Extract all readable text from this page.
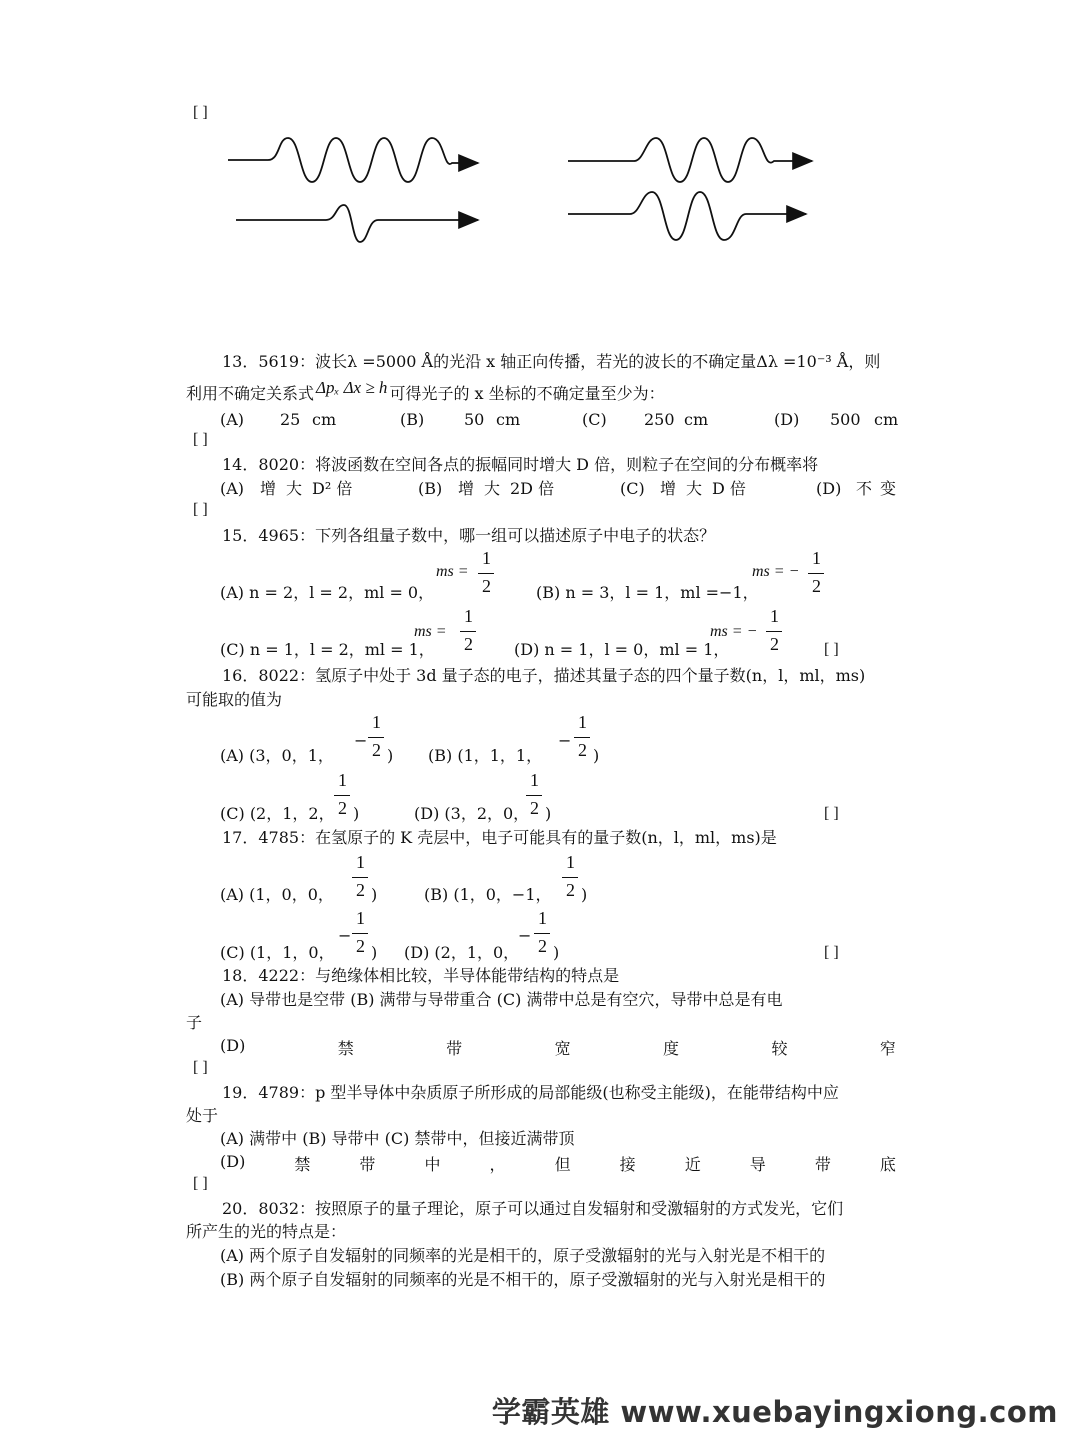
[ ]
13．5619：波长λ =5000 Å的光沿 x 轴正向传播，若光的波长的不确定量Δλ =10⁻³ Å，则
利用不确定关系式 Δpₓ Δx ≥ h 可得光子的 x 坐标的不确定量至少为：
(A) 25 cm	(B) 50 cm	(C) 250 cm	(D) 500 cm
[ ]
14．8020：将波函数在空间各点的振幅同时增大 D 倍，则粒子在空间的分布概率将
(A) 增 大 D² 倍	(B) 增 大 2D 倍	(C) 增 大 D 倍	(D) 不 变
[ ]
15．4965：下列各组量子数中，哪一组可以描述原子中电子的状态？
(A) n = 2，l = 2，ml = 0，
ms =
1
2	(B) n = 3，l = 1，ml =−1，
ms = −
1
2
(C) n = 1，l = 2，ml = 1，
ms =
1
2	(D) n = 1，l = 0，ml = 1，
ms = −
1
2	[ ]
16．8022：氢原子中处于 3d 量子态的电子，描述其量子态的四个量子数(n，l，ml，ms)
可能取的值为
(A) (3，0，1，
−
1
2 ) (B) (1，1，1，
−
1
2 )
(C) (2，1，2，
1
2 )	(D) (3，2，0，
1
2 )	[ ]
17．4785：在氢原子的 K 壳层中，电子可能具有的量子数(n，l，ml，ms)是
(A) (1，0，0，
1
2 )	(B) (1，0，−1，
1
2 )
(C) (1，1，0，
−
1
2 ) (D) (2，1，0，
−
1
2 )	[ ]
18．4222：与绝缘体相比较，半导体能带结构的特点是
(A) 导带也是空带 (B) 满带与导带重合 (C) 满带中总是有空穴，导带中总是有电
子
(D)	禁	带	宽	度	较	窄
[ ]
19．4789：p 型半导体中杂质原子所形成的局部能级(也称受主能级)，在能带结构中应
处于
(A) 满带中 (B) 导带中 (C) 禁带中，但接近满带顶
(D)	禁	带	中	，	但	接	近	导	带	底
[ ]
20．8032：按照原子的量子理论，原子可以通过自发辐射和受激辐射的方式发光，它们
所产生的光的特点是：
(A) 两个原子自发辐射的同频率的光是相干的，原子受激辐射的光与入射光是不相干的
(B) 两个原子自发辐射的同频率的光是不相干的，原子受激辐射的光与入射光是相干的
学霸英雄 www.xuebayingxiong.com
